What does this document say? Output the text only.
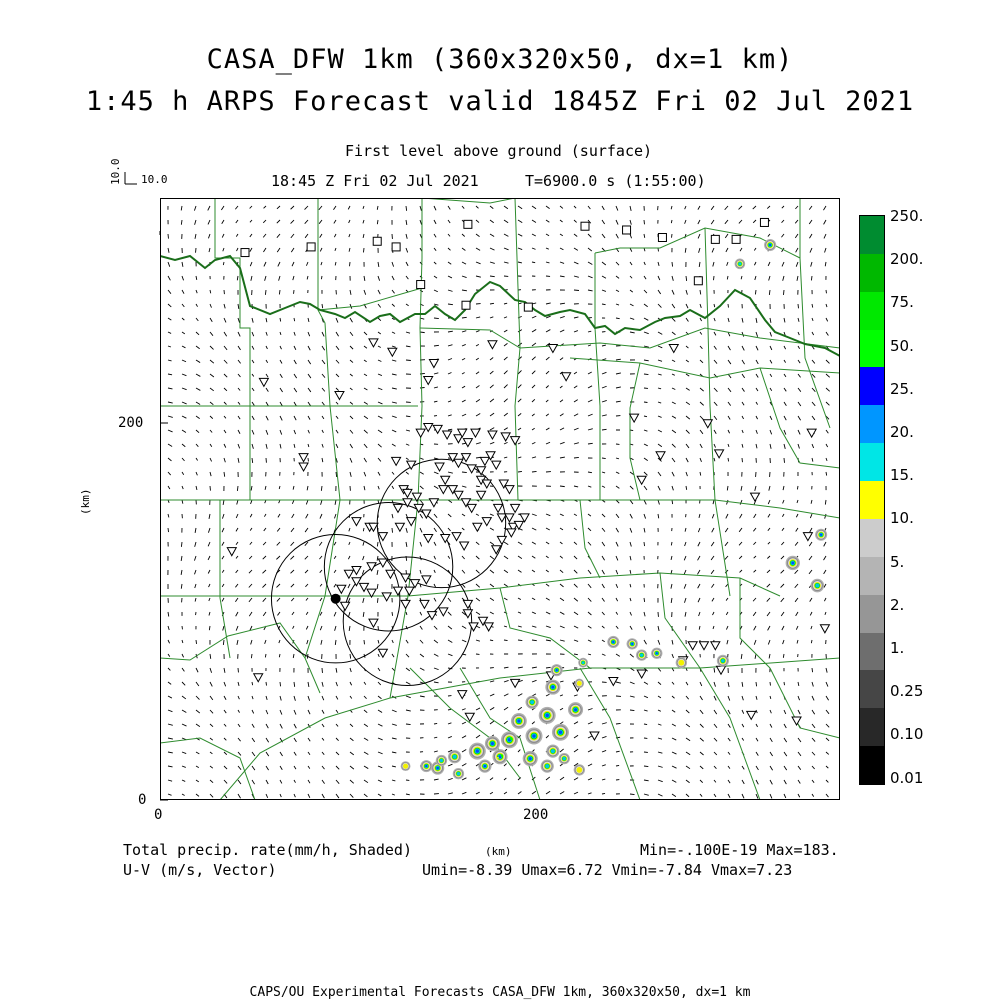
CASA_DFW 1km (360x320x50, dx=1 km)
1:45 h ARPS Forecast valid 1845Z Fri 02 Jul 2021
First level above ground (surface)
18:45 Z Fri 02 Jul 2021	T=6900.0 s (1:55:00)
10.0
10.0
200
0
0	200
(km)
(km)
250.
200.
75.
50.
25.
20.
15.
10.
5.
2.
1.
0.25
0.10
0.01
Total precip. rate(mm/h, Shaded)
U-V (m/s, Vector)
Min=-.100E-19 Max=183.
Umin=-8.39 Umax=6.72 Vmin=-7.84 Vmax=7.23
CAPS/OU Experimental Forecasts CASA_DFW 1km, 360x320x50, dx=1 km
